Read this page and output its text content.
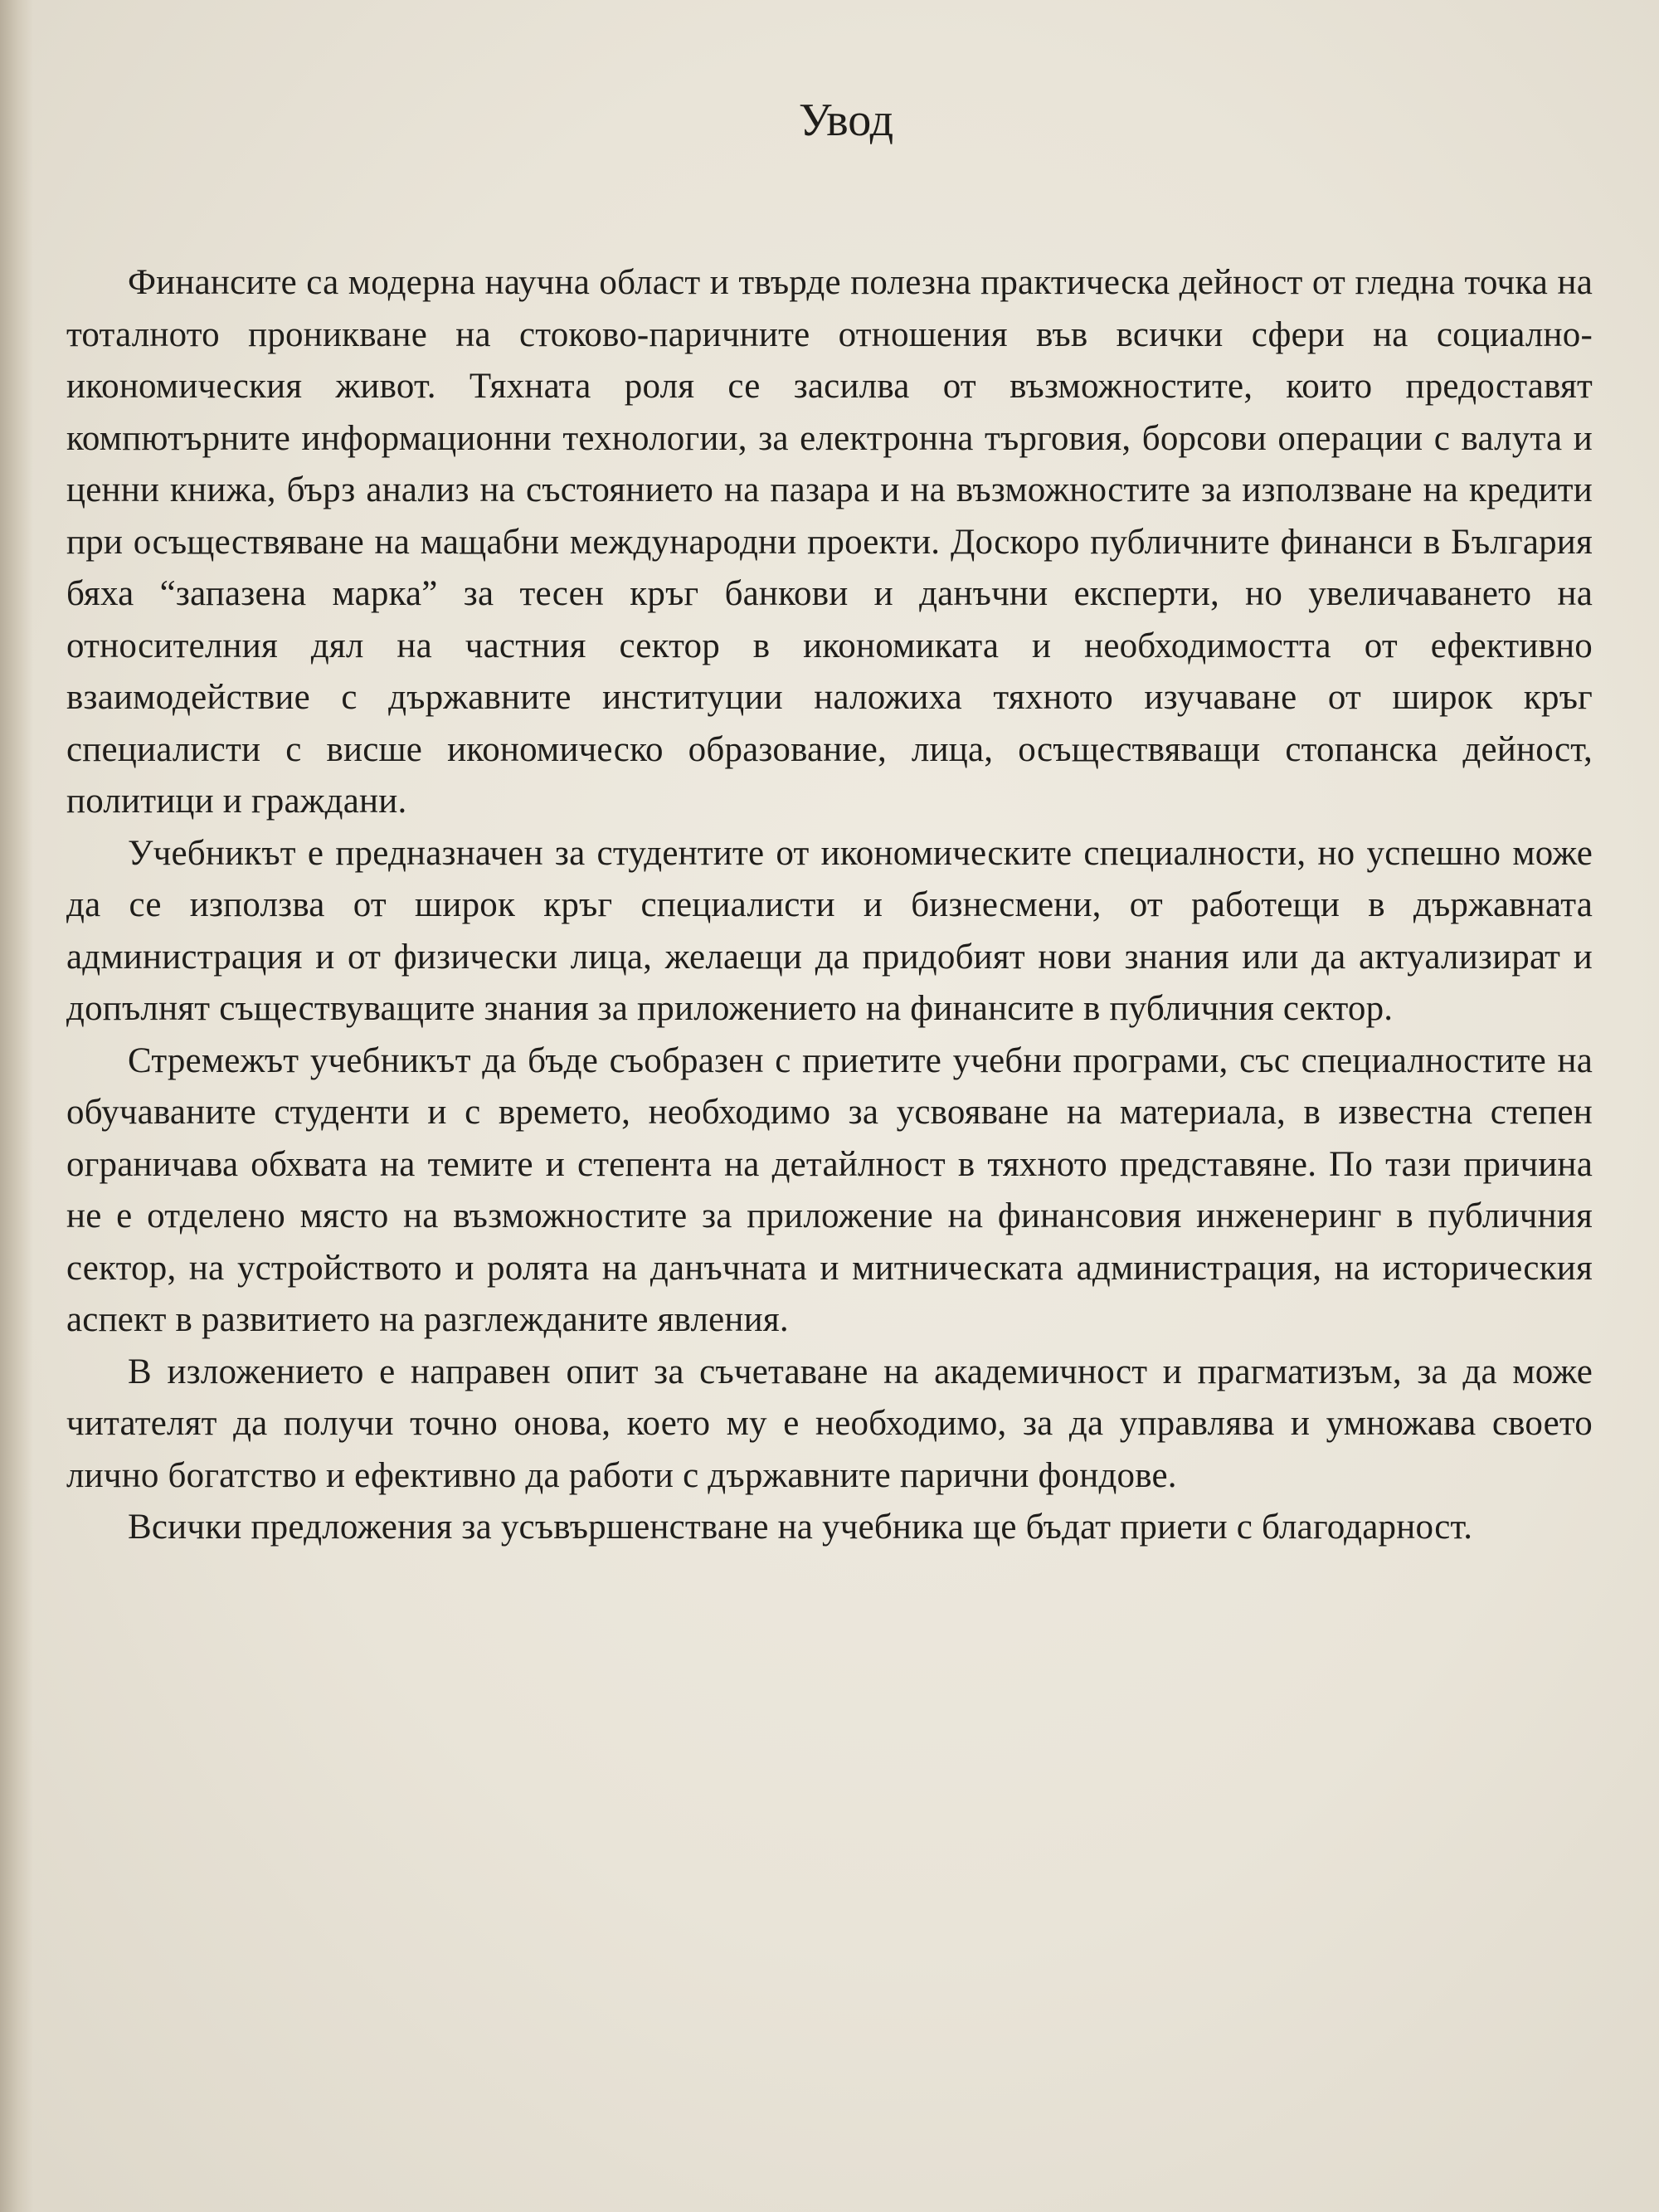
Увод

Финансите са модерна научна област и твърде полезна практическа дейност от гледна точка на тоталното проникване на стоково-паричните отношения във всички сфери на социално-икономическия живот. Тяхната роля се засилва от възможностите, които предоставят компютърните информационни технологии, за електронна търговия, борсови операции с валута и ценни книжа, бърз анализ на състоянието на пазара и на възможностите за използване на кредити при осъществяване на мащабни международни проекти. Доскоро публичните финанси в България бяха “запазена марка” за тесен кръг банкови и данъчни експерти, но увеличаването на относителния дял на частния сектор в икономиката и необходимостта от ефективно взаимодействие с държавните институции наложиха тяхното изучаване от широк кръг специалисти с висше икономическо образование, лица, осъществяващи стопанска дейност, политици и граждани.

Учебникът е предназначен за студентите от икономическите специалности, но успешно може да се използва от широк кръг специалисти и бизнесмени, от работещи в държавната администрация и от физически лица, желаещи да придобият нови знания или да актуализират и допълнят съществуващите знания за приложението на финансите в публичния сектор.

Стремежът учебникът да бъде съобразен с приетите учебни програми, със специалностите на обучаваните студенти и с времето, необходимо за усвояване на материала, в известна степен ограничава обхвата на темите и степента на детайлност в тяхното представяне. По тази причина не е отделено място на възможностите за приложение на финансовия инженеринг в публичния сектор, на устройството и ролята на данъчната и митническата администрация, на историческия аспект в развитието на разглежданите явления.

В изложението е направен опит за съчетаване на академичност и прагматизъм, за да може читателят да получи точно онова, което му е необходимо, за да управлява и умножава своето лично богатство и ефективно да работи с държавните парични фондове.

Всички предложения за усъвършенстване на учебника ще бъдат приети с благодарност.
